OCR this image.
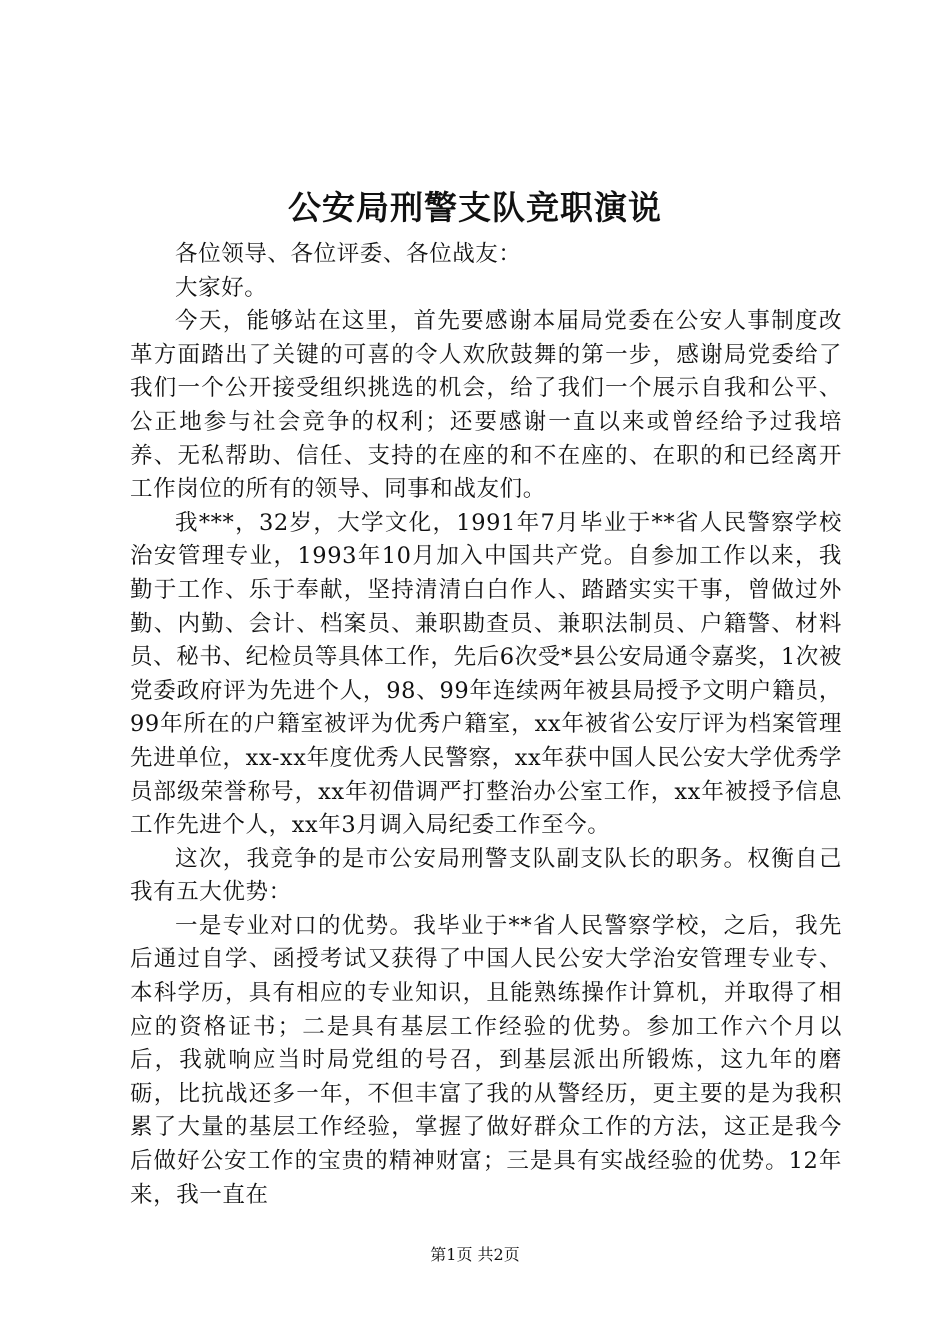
公安局刑警支队竞职演说

各位领导、各位评委、各位战友：

大家好。

今天，能够站在这里，首先要感谢本届局党委在公安人事制度改革方面踏出了关键的可喜的令人欢欣鼓舞的第一步，感谢局党委给了我们一个公开接受组织挑选的机会，给了我们一个展示自我和公平、公正地参与社会竞争的权利；还要感谢一直以来或曾经给予过我培养、无私帮助、信任、支持的在座的和不在座的、在职的和已经离开工作岗位的所有的领导、同事和战友们。

我***，32岁，大学文化，1991年7月毕业于**省人民警察学校治安管理专业，1993年10月加入中国共产党。自参加工作以来，我勤于工作、乐于奉献，坚持清清白白作人、踏踏实实干事，曾做过外勤、内勤、会计、档案员、兼职勘查员、兼职法制员、户籍警、材料员、秘书、纪检员等具体工作，先后6次受*县公安局通令嘉奖，1次被党委政府评为先进个人，98、99年连续两年被县局授予文明户籍员，99年所在的户籍室被评为优秀户籍室，xx年被省公安厅评为档案管理先进单位，xx-xx年度优秀人民警察，xx年获中国人民公安大学优秀学员部级荣誉称号，xx年初借调严打整治办公室工作，xx年被授予信息工作先进个人，xx年3月调入局纪委工作至今。

这次，我竞争的是市公安局刑警支队副支队长的职务。权衡自己我有五大优势：

一是专业对口的优势。我毕业于**省人民警察学校，之后，我先后通过自学、函授考试又获得了中国人民公安大学治安管理专业专、本科学历，具有相应的专业知识，且能熟练操作计算机，并取得了相应的资格证书；二是具有基层工作经验的优势。参加工作六个月以后，我就响应当时局党组的号召，到基层派出所锻炼，这九年的磨砺，比抗战还多一年，不但丰富了我的从警经历，更主要的是为我积累了大量的基层工作经验，掌握了做好群众工作的方法，这正是我今后做好公安工作的宝贵的精神财富；三是具有实战经验的优势。12年来，我一直在

第1页 共2页
